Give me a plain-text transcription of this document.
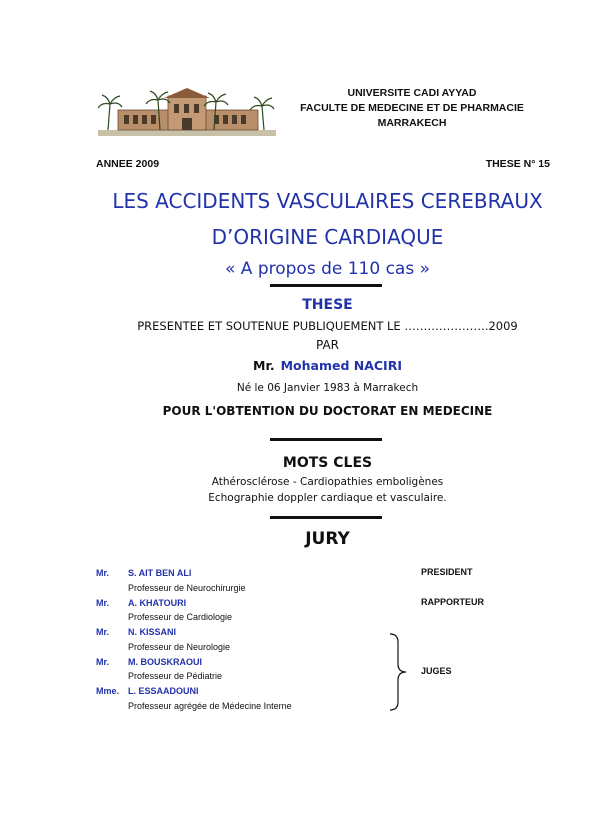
UNIVERSITE CADI AYYAD
FACULTE DE MEDECINE ET DE PHARMACIE
MARRAKECH
ANNEE 2009	THESE N° 15
LES ACCIDENTS VASCULAIRES CEREBRAUX
D’ORIGINE CARDIAQUE
« A propos de 110 cas »
THESE
PRESENTEE ET SOUTENUE PUBLIQUEMENT LE ………………….2009
PAR
Mr. Mohamed NACIRI
Né le 06 Janvier 1983 à Marrakech
POUR L'OBTENTION DU DOCTORAT EN MEDECINE
MOTS CLES
Athérosclérose - Cardiopathies emboligènes
Echographie doppler cardiaque et vasculaire.
JURY
Mr. S. AIT BEN ALI
Professeur de Neurochirurgie
Mr. A. KHATOURI
Professeur de Cardiologie
Mr. N. KISSANI
Professeur de Neurologie
Mr. M. BOUSKRAOUI
Professeur de Pédiatrie
Mme. L. ESSAADOUNI
Professeur agrégée de Médecine Interne
PRESIDENT
RAPPORTEUR
JUGES
